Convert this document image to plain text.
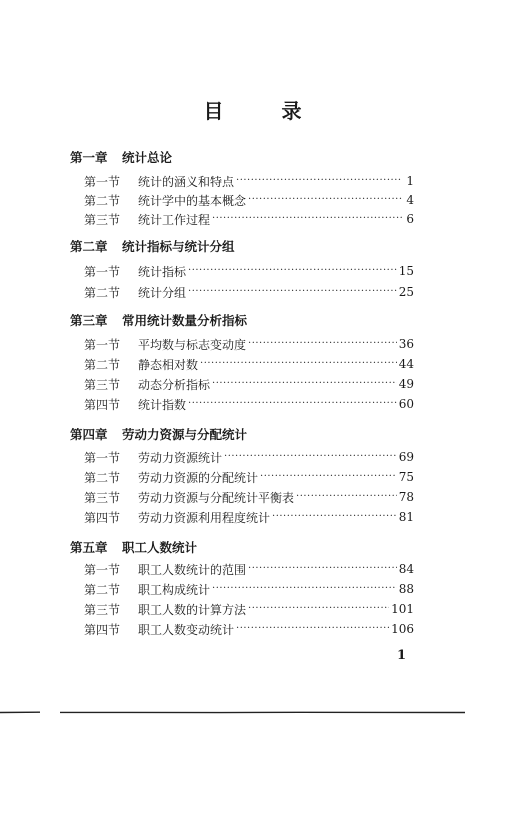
目	录
第一章 统计总论
第一节	统计的涵义和特点 ·····	1
第二节	统计学中的基本概念 ·····	4
第三节	统计工作过程 ·····	6
第二章 统计指标与统计分组
第一节	统计指标 ·····	15
第二节	统计分组 ·····	25
第三章 常用统计数量分析指标
第一节	平均数与标志变动度 ·····	36
第二节	静态相对数 ·····	44
第三节	动态分析指标 ·····	49
第四节	统计指数 ·····	60
第四章 劳动力资源与分配统计
第一节	劳动力资源统计 ·····	69
第二节	劳动力资源的分配统计 ·····	75
第三节	劳动力资源与分配统计平衡表 ·····	78
第四节	劳动力资源利用程度统计 ·····	81
第五章 职工人数统计
第一节	职工人数统计的范围 ·····	84
第二节	职工构成统计 ·····	88
第三节	职工人数的计算方法 ·····	101
第四节	职工人数变动统计 ·····	106
1
